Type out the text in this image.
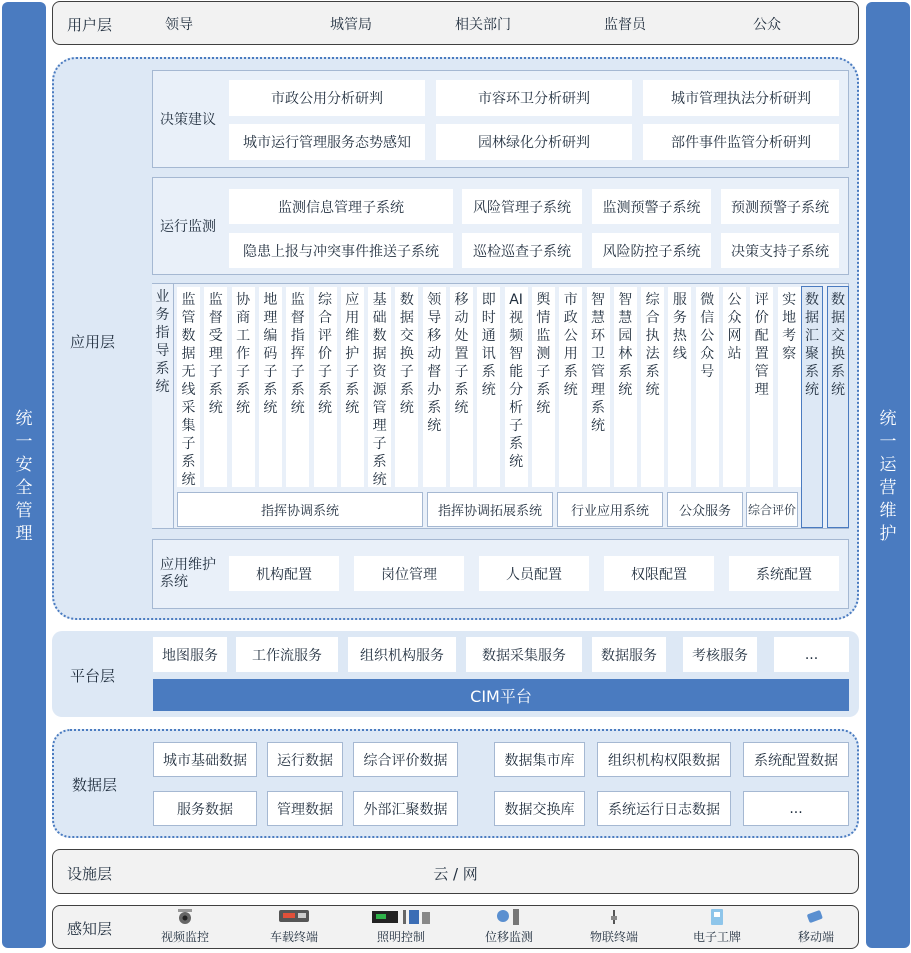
统一安全管理
统一运营维护
用户层	领导	城管局	相关部门	监督员	公众
应用层
决策建议
市政公用分析研判	市容环卫分析研判	城市管理执法分析研判
城市运行管理服务态势感知	园林绿化分析研判	部件事件监管分析研判
运行监测
监测信息管理子系统	风险管理子系统	监测预警子系统	预测预警子系统
隐患上报与冲突事件推送子系统	巡检巡查子系统	风险防控子系统	决策支持子系统
业务指导系统
监管数据无线采集子系统
监督受理子系统
协商工作子系统
地理编码子系统
监督指挥子系统
综合评价子系统
应用维护子系统
基础数据资源管理子系统
数据交换子系统
领导移动督办系统
移动处置子系统
即时通讯系统
AI视频智能分析子系统
舆情监测子系统
市政公用系统
智慧环卫管理系统
智慧园林系统
综合执法系统
服务热线
微信公众号
公众网站
评价配置管理
实地考察
数据汇聚系统
数据交换系统
指挥协调系统	指挥协调拓展系统	行业应用系统	公众服务	综合评价
应用维护系统	机构配置	岗位管理	人员配置	权限配置	系统配置
平台层
地图服务	工作流服务	组织机构服务	数据采集服务	数据服务	考核服务	...
CIM平台
数据层
城市基础数据	运行数据	综合评价数据	数据集市库	组织机构权限数据	系统配置数据
服务数据	管理数据	外部汇聚数据	数据交换库	系统运行日志数据	...
设施层	云 / 网
感知层	视频监控	车载终端	照明控制	位移监测	物联终端	电子工牌	移动端
